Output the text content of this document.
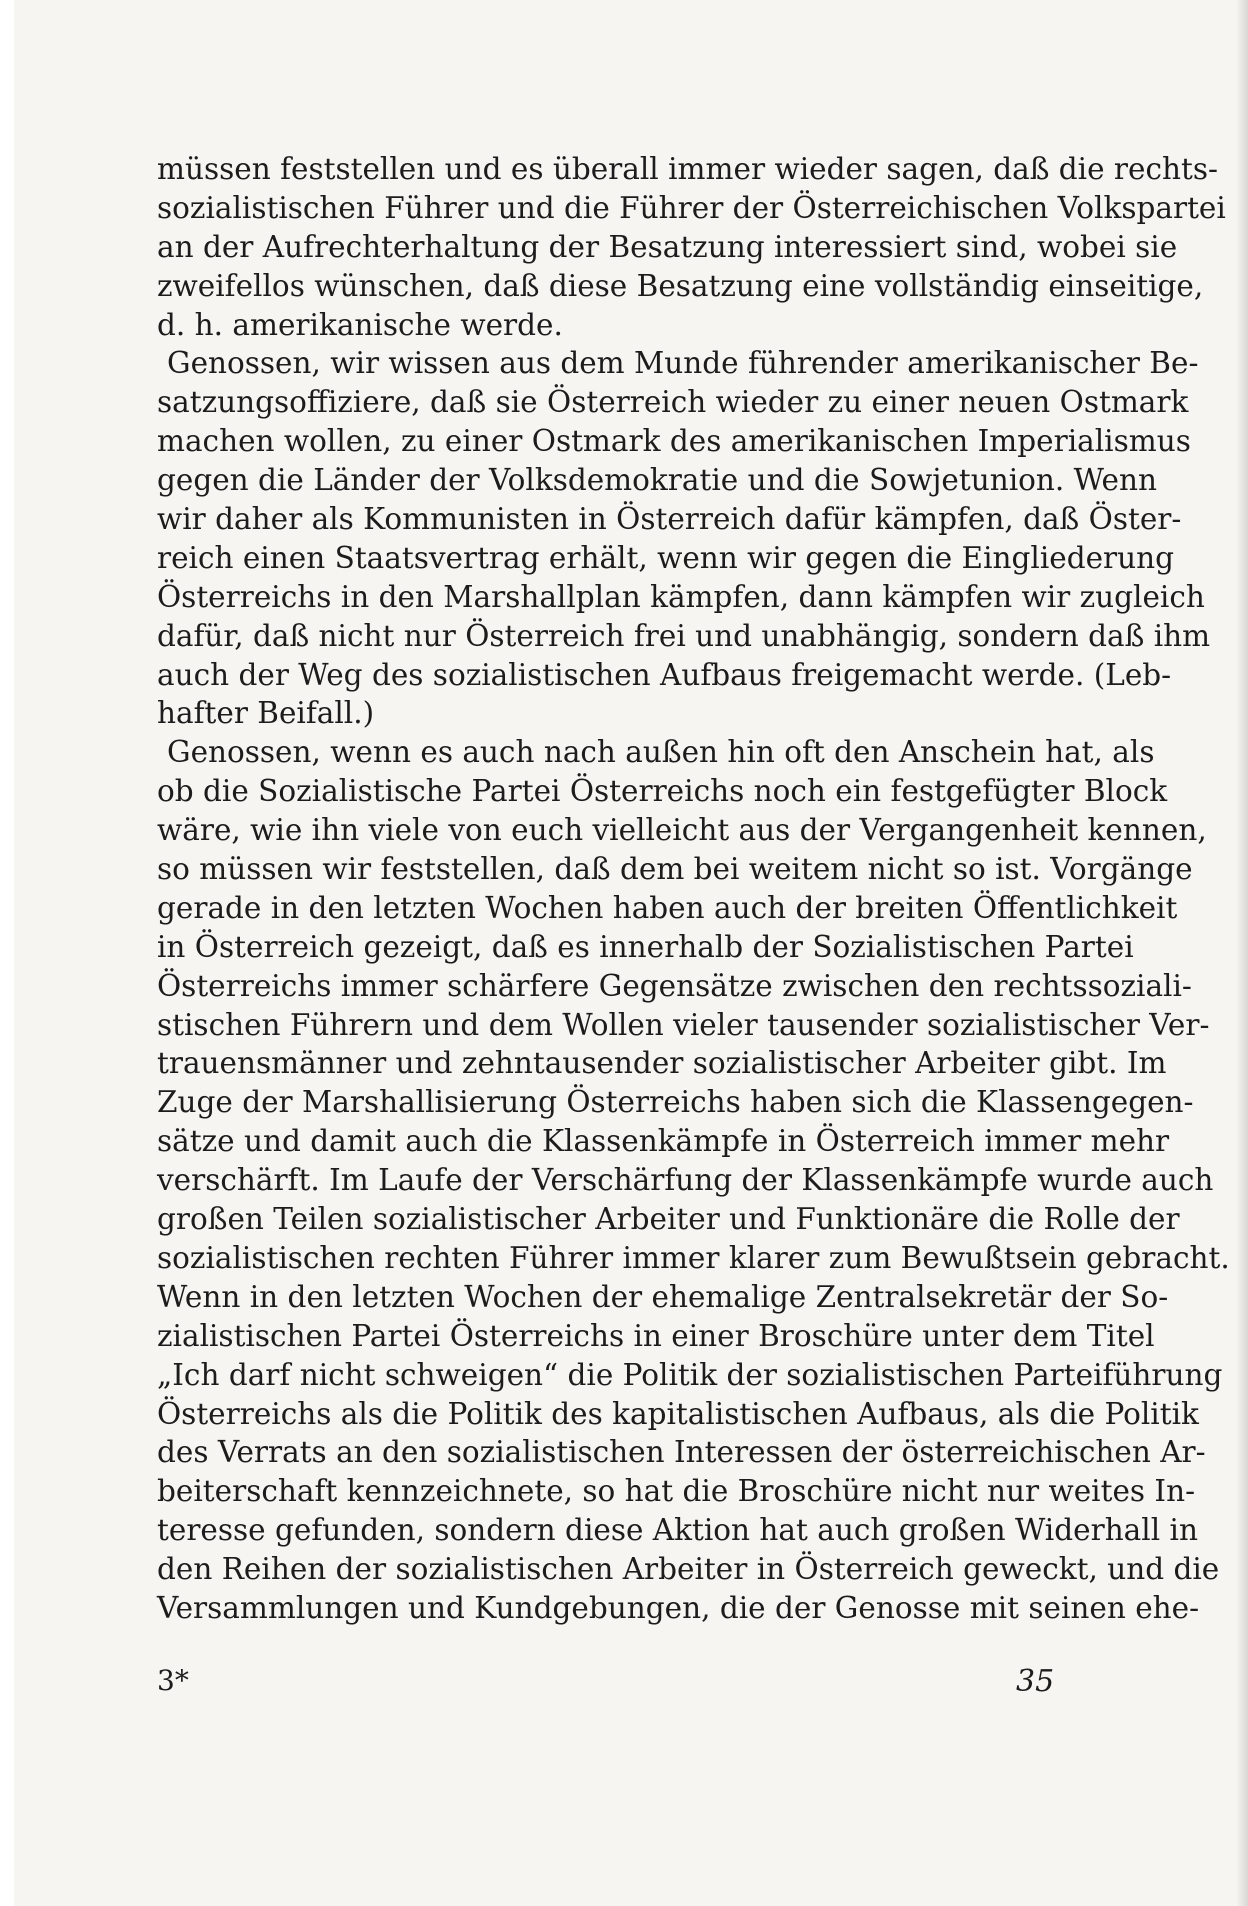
müssen feststellen und es überall immer wieder sagen, daß die rechts-
sozialistischen Führer und die Führer der Österreichischen Volkspartei
an der Aufrechterhaltung der Besatzung interessiert sind, wobei sie
zweifellos wünschen, daß diese Besatzung eine vollständig einseitige,
d. h. amerikanische werde.
Genossen, wir wissen aus dem Munde führender amerikanischer Be-
satzungsoffiziere, daß sie Österreich wieder zu einer neuen Ostmark
machen wollen, zu einer Ostmark des amerikanischen Imperialismus
gegen die Länder der Volksdemokratie und die Sowjetunion. Wenn
wir daher als Kommunisten in Österreich dafür kämpfen, daß Öster-
reich einen Staatsvertrag erhält, wenn wir gegen die Eingliederung
Österreichs in den Marshallplan kämpfen, dann kämpfen wir zugleich
dafür, daß nicht nur Österreich frei und unabhängig, sondern daß ihm
auch der Weg des sozialistischen Aufbaus freigemacht werde. (Leb-
hafter Beifall.)
Genossen, wenn es auch nach außen hin oft den Anschein hat, als
ob die Sozialistische Partei Österreichs noch ein festgefügter Block
wäre, wie ihn viele von euch vielleicht aus der Vergangenheit kennen,
so müssen wir feststellen, daß dem bei weitem nicht so ist. Vorgänge
gerade in den letzten Wochen haben auch der breiten Öffentlichkeit
in Österreich gezeigt, daß es innerhalb der Sozialistischen Partei
Österreichs immer schärfere Gegensätze zwischen den rechtssoziali-
stischen Führern und dem Wollen vieler tausender sozialistischer Ver-
trauensmänner und zehntausender sozialistischer Arbeiter gibt. Im
Zuge der Marshallisierung Österreichs haben sich die Klassengegen-
sätze und damit auch die Klassenkämpfe in Österreich immer mehr
verschärft. Im Laufe der Verschärfung der Klassenkämpfe wurde auch
großen Teilen sozialistischer Arbeiter und Funktionäre die Rolle der
sozialistischen rechten Führer immer klarer zum Bewußtsein gebracht.
Wenn in den letzten Wochen der ehemalige Zentralsekretär der So-
zialistischen Partei Österreichs in einer Broschüre unter dem Titel
„Ich darf nicht schweigen“ die Politik der sozialistischen Parteiführung
Österreichs als die Politik des kapitalistischen Aufbaus, als die Politik
des Verrats an den sozialistischen Interessen der österreichischen Ar-
beiterschaft kennzeichnete, so hat die Broschüre nicht nur weites In-
teresse gefunden, sondern diese Aktion hat auch großen Widerhall in
den Reihen der sozialistischen Arbeiter in Österreich geweckt, und die
Versammlungen und Kundgebungen, die der Genosse mit seinen ehe-
3*	35
